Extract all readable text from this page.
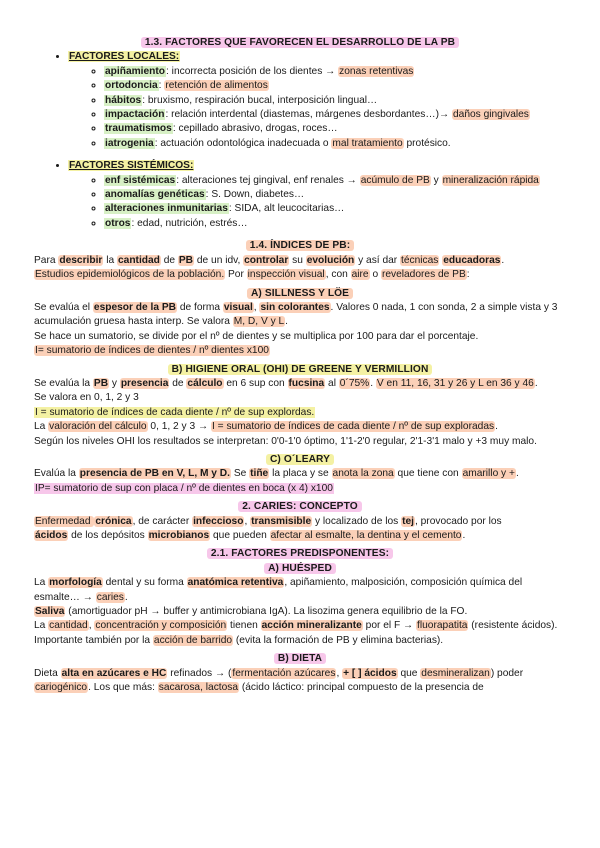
1.3. FACTORES QUE FAVORECEN EL DESARROLLO DE LA PB
• FACTORES LOCALES:
◦ apiñamiento: incorrecta posición de los dientes → zonas retentivas
◦ ortodoncia: retención de alimentos
◦ hábitos: bruxismo, respiración bucal, interposición lingual…
◦ impactación: relación interdental (diastemas, márgenes desbordantes…)→ daños gingivales
◦ traumatismos: cepillado abrasivo, drogas, roces…
◦ iatrogenia: actuación odontológica inadecuada o mal tratamiento protésico.
• FACTORES SISTÉMICOS:
◦ enf sistémicas: alteraciones tej gingival, enf renales → acúmulo de PB y mineralización rápida
◦ anomalías genéticas: S. Down, diabetes…
◦ alteraciones inmunitarias: SIDA, alt leucocitarias…
◦ otros: edad, nutrición, estrés…
1.4. ÍNDICES DE PB:

Para describir la cantidad de PB de un idv, controlar su evolución y así dar técnicas educadoras.

Estudios epidemiológicos de la población. Por inspección visual, con aire o reveladores de PB:

A) SILLNESS Y LÖE

Se evalúa el espesor de la PB de forma visual, sin colorantes. Valores 0 nada, 1 con sonda, 2 a simple vista y 3 acumulación gruesa hasta interp. Se valora M, D, V y L.

Se hace un sumatorio, se divide por el nº de dientes y se multiplica por 100 para dar el porcentaje.

I= sumatorio de índices de dientes / nº dientes x100

B) HIGIENE ORAL (OHI) DE GREENE Y VERMILLION

Se evalúa la PB y presencia de cálculo en 6 sup con fucsina al 0´75%. V en 11, 16, 31 y 26 y L en 36 y 46.

Se valora en 0, 1, 2 y 3

I = sumatorio de índices de cada diente / nº de sup explordas.

La valoración del cálculo 0, 1, 2 y 3 → I = sumatorio de índices de cada diente / nº de sup exploradas.

Según los niveles OHI los resultados se interpretan: 0'0-1'0 óptimo, 1'1-2'0 regular, 2'1-3'1 malo y +3 muy malo.

C) O´LEARY

Evalúa la presencia de PB en V, L, M y D. Se tiñe la placa y se anota la zona que tiene con amarillo y +.

IP= sumatorio de sup con placa / nº de dientes en boca (x 4) x100

2. CARIES: CONCEPTO

Enfermedad crónica, de carácter infeccioso, transmisible y localizado de los tej, provocado por los

ácidos de los depósitos microbianos que pueden afectar al esmalte, la dentina y el cemento.

2.1. FACTORES PREDISPONENTES:
A) HUÉSPED

La morfología dental y su forma anatómica retentiva, apiñamiento, malposición, composición química del esmalte… → caries.

Saliva (amortiguador pH → buffer y antimicrobiana IgA). La lisozima genera equilibrio de la FO.

La cantidad, concentración y composición tienen acción mineralizante por el F → fluorapatita (resistente ácidos). Importante también por la acción de barrido (evita la formación de PB y elimina bacterias).

B) DIETA

Dieta alta en azúcares e HC refinados → (fermentación azúcares, + [ ] ácidos que desmineralizan) poder

cariogénico. Los que más: sacarosa, lactosa (ácido láctico: principal compuesto de la presencia de
